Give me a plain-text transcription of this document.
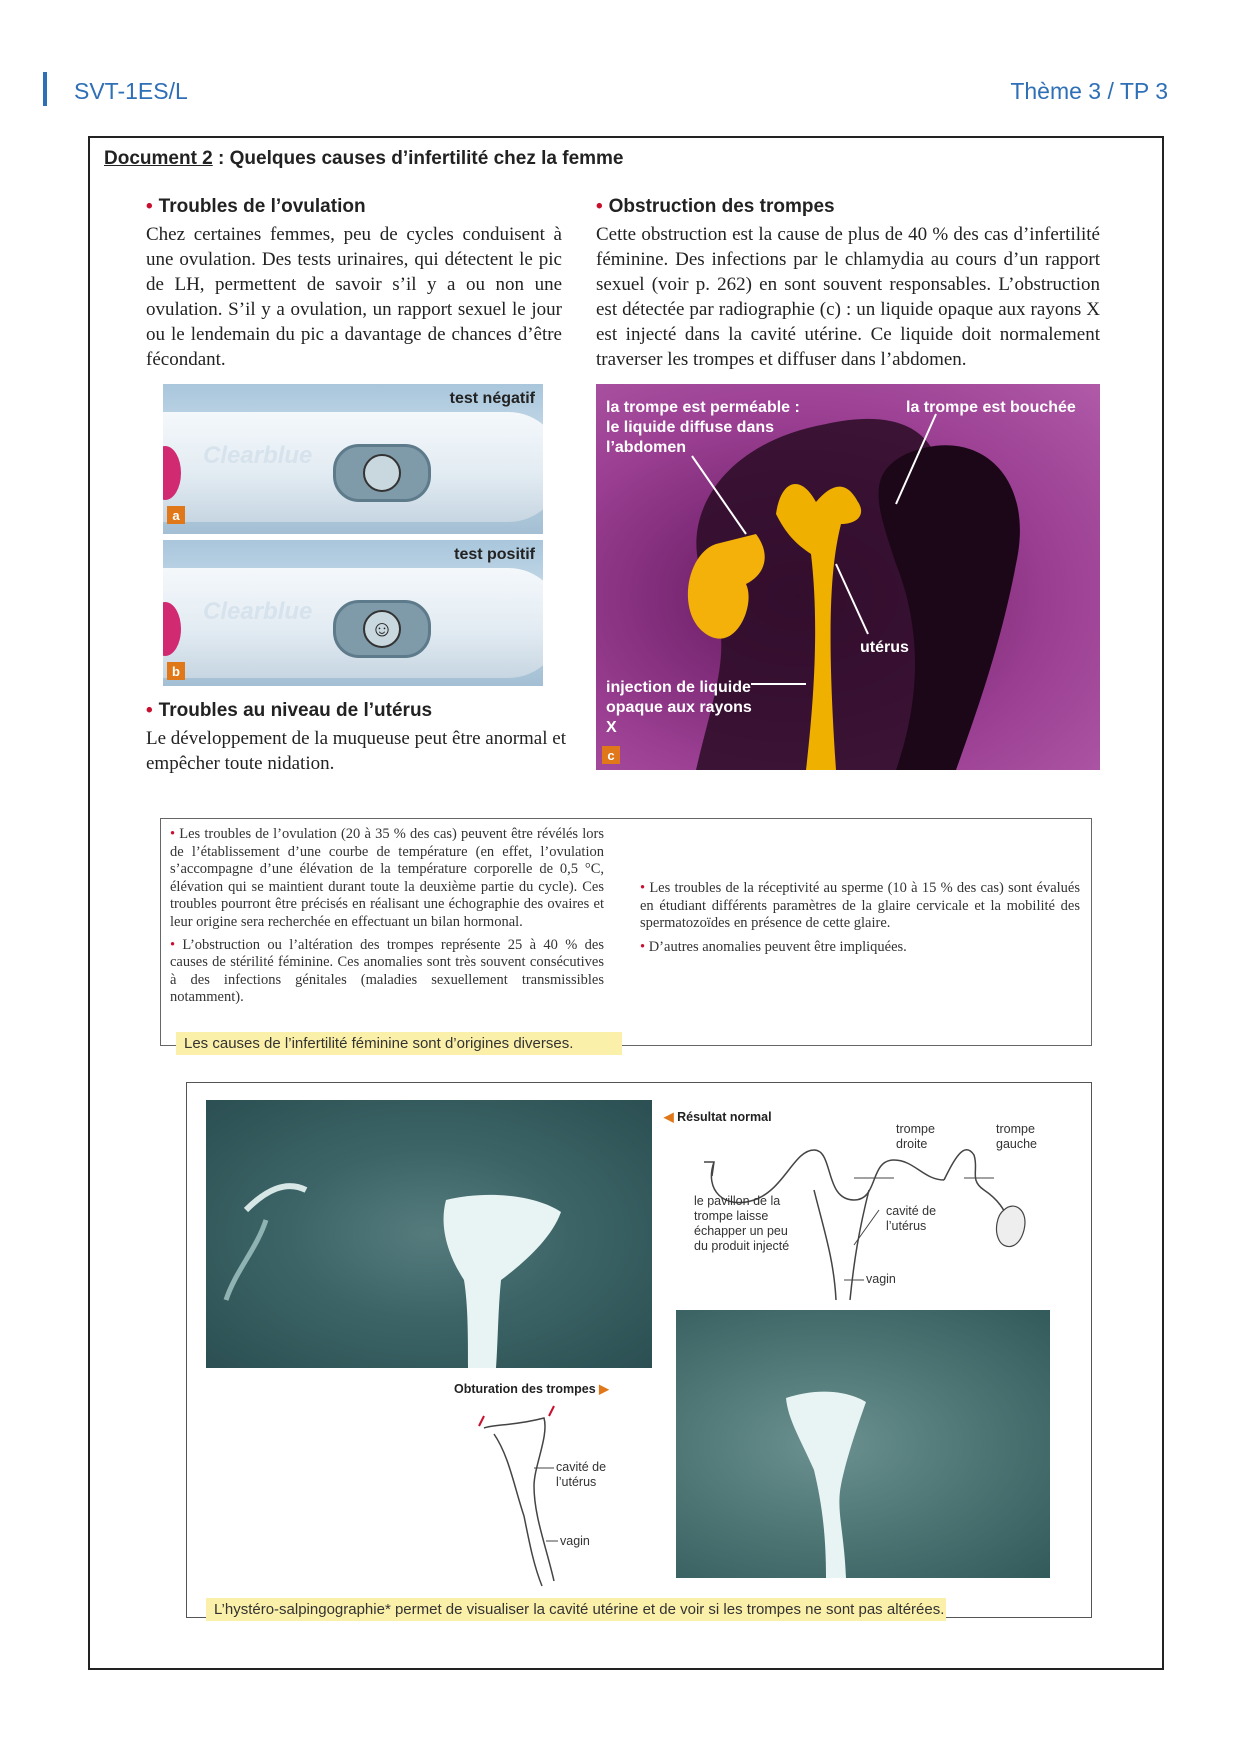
SVT-1ES/L	Thème 3 / TP 3
Document 2 : Quelques causes d’infertilité chez la femme
• Troubles de l’ovulation
Chez certaines femmes, peu de cycles conduisent à une ovulation. Des tests urinaires, qui détectent le pic de LH, permettent de savoir s’il y a ou non une ovulation. S’il y a ovulation, un rapport sexuel le jour ou le lendemain du pic a davantage de chances d’être fécondant.
Clearblue
test négatif
a
Clearblue
☺
test positif
b
• Troubles au niveau de l’utérus
Le développement de la muqueuse peut être anormal et empêcher toute nidation.
• Obstruction des trompes
Cette obstruction est la cause de plus de 40 % des cas d’infertilité féminine. Des infections par le chlamydia au cours d’un rapport sexuel (voir p. 262) en sont souvent responsables. L’obstruction est détectée par radiographie (c) : un liquide opaque aux rayons X est injecté dans la cavité utérine. Ce liquide doit normalement traverser les trompes et diffuser dans l’abdomen.
la trompe est perméable : le liquide diffuse dans l’abdomen
la trompe est bouchée
utérus
injection de liquide opaque aux rayons X
c
• Les troubles de l’ovulation (20 à 35 % des cas) peuvent être révélés lors de l’établissement d’une courbe de température (en effet, l’ovulation s’accompagne d’une élévation de la température corporelle de 0,5 °C, élévation qui se maintient durant toute la deuxième partie du cycle). Ces troubles pourront être précisés en réalisant une échographie des ovaires et leur origine sera recherchée en effectuant un bilan hormonal.
• L’obstruction ou l’altération des trompes représente 25 à 40 % des causes de stérilité féminine. Ces anomalies sont très souvent consécutives à des infections génitales (maladies sexuellement transmissibles notamment).
• Les troubles de la réceptivité au sperme (10 à 15 % des cas) sont évalués en étudiant différents paramètres de la glaire cervicale et la mobilité des spermatozoïdes en présence de cette glaire.
• D’autres anomalies peuvent être impliquées.
Les causes de l’infertilité féminine sont d’origines diverses.
◀ Résultat normal
trompe droite
trompe gauche
le pavillon de la trompe laisse échapper un peu du produit injecté
cavité de l’utérus
vagin
Obturation des trompes ▶
cavité de l’utérus
vagin
L’hystéro-salpingographie* permet de visualiser la cavité utérine et de voir si les trompes ne sont pas altérées.
